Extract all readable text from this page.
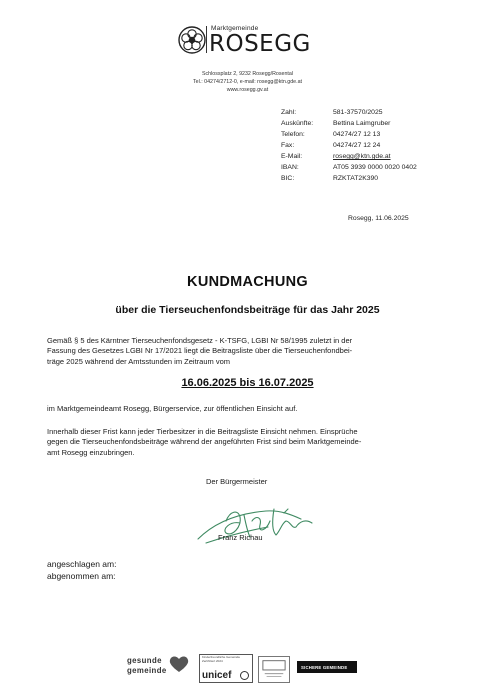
Marktgemeinde
ROSEGG
Schlossplatz 2, 9232 Rosegg/Rosental
Tel.: 04274/2712-0, e-mail: rosegg@ktn.gde.at
www.rosegg.gv.at
Zahl:	581-37570/2025
Auskünfte:	Bettina Laimgruber
Telefon:	04274/27 12 13
Fax:	04274/27 12 24
E-Mail:	rosegg@ktn.gde.at
IBAN:	AT05 3939 0000 0020 0402
BIC:	RZKTAT2K390
Rosegg, 11.06.2025
KUNDMACHUNG
über die Tierseuchenfondsbeiträge für das Jahr 2025
Gemäß § 5 des Kärntner Tierseuchenfondsgesetz - K-TSFG, LGBI Nr 58/1995 zuletzt in der
Fassung des Gesetzes LGBI Nr 17/2021 liegt die Beitragsliste über die Tierseuchenfondbei-
träge 2025 während der Amtsstunden im Zeitraum vom
16.06.2025 bis 16.07.2025
im Marktgemeindeamt Rosegg, Bürgerservice, zur öffentlichen Einsicht auf.
Innerhalb dieser Frist kann jeder Tierbesitzer in die Beitragsliste Einsicht nehmen. Einsprüche
gegen die Tierseuchenfondsbeiträge während der angeführten Frist sind beim Marktgemeinde-
amt Rosegg einzubringen.
Der Bürgermeister
Franz Richau
angeschlagen am:
abgenommen am:
gesunde
gemeinde
Kinderfreundliche Gemeinde Zertifiziert 2024
unicef
SICHERE GEMEINDE
